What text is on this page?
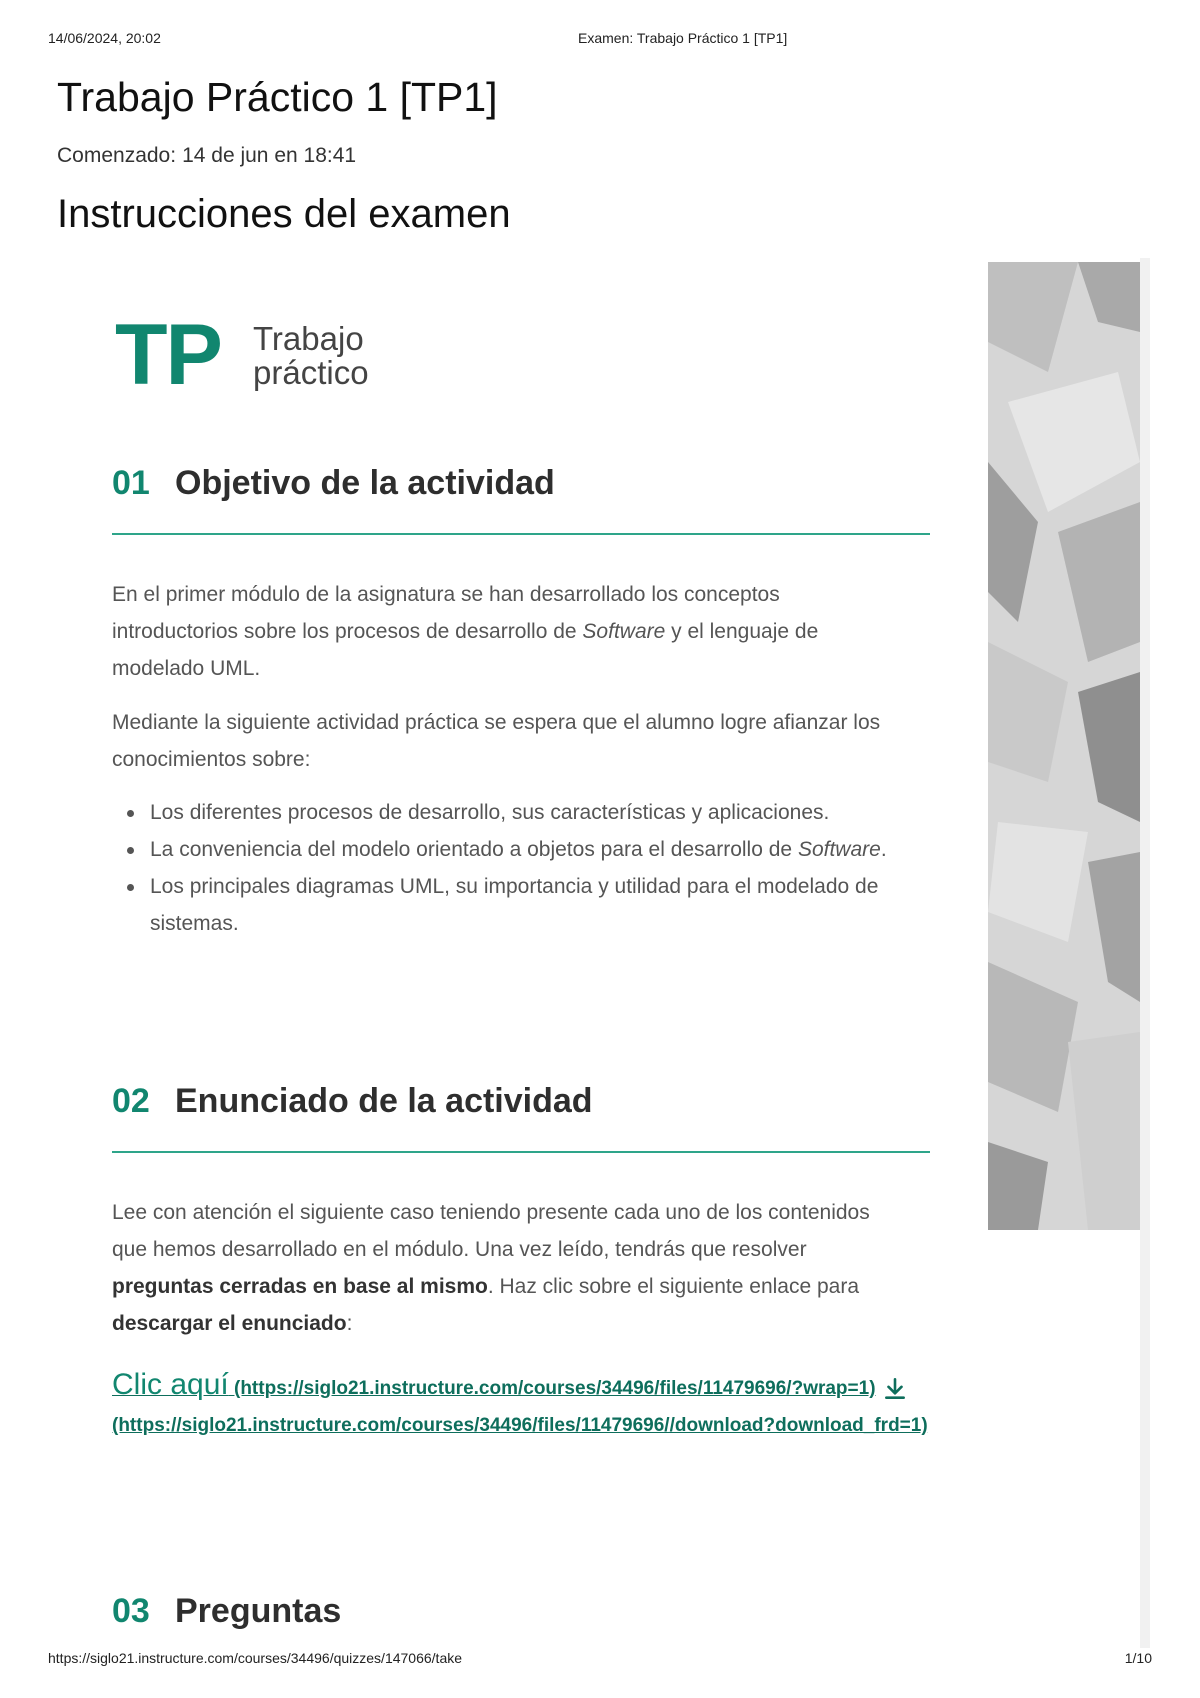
14/06/2024, 20:02	Examen: Trabajo Práctico 1 [TP1]
Trabajo Práctico 1 [TP1]
Comenzado: 14 de jun en 18:41
Instrucciones del examen
TP Trabajo
práctico
01 Objetivo de la actividad

En el primer módulo de la asignatura se han desarrollado los conceptos introductorios sobre los procesos de desarrollo de Software y el lenguaje de modelado UML.

Mediante la siguiente actividad práctica se espera que el alumno logre afianzar los conocimientos sobre:

Los diferentes procesos de desarrollo, sus características y aplicaciones.
La conveniencia del modelo orientado a objetos para el desarrollo de Software.
Los principales diagramas UML, su importancia y utilidad para el modelado de sistemas.
02 Enunciado de la actividad

Lee con atención el siguiente caso teniendo presente cada uno de los contenidos que hemos desarrollado en el módulo. Una vez leído, tendrás que resolver preguntas cerradas en base al mismo. Haz clic sobre el siguiente enlace para descargar el enunciado:

Clic aquí (https://siglo21.instructure.com/courses/34496/files/11479696/?wrap=1)
(https://siglo21.instructure.com/courses/34496/files/11479696//download?download_frd=1)
03 Preguntas
https://siglo21.instructure.com/courses/34496/quizzes/147066/take	1/10
